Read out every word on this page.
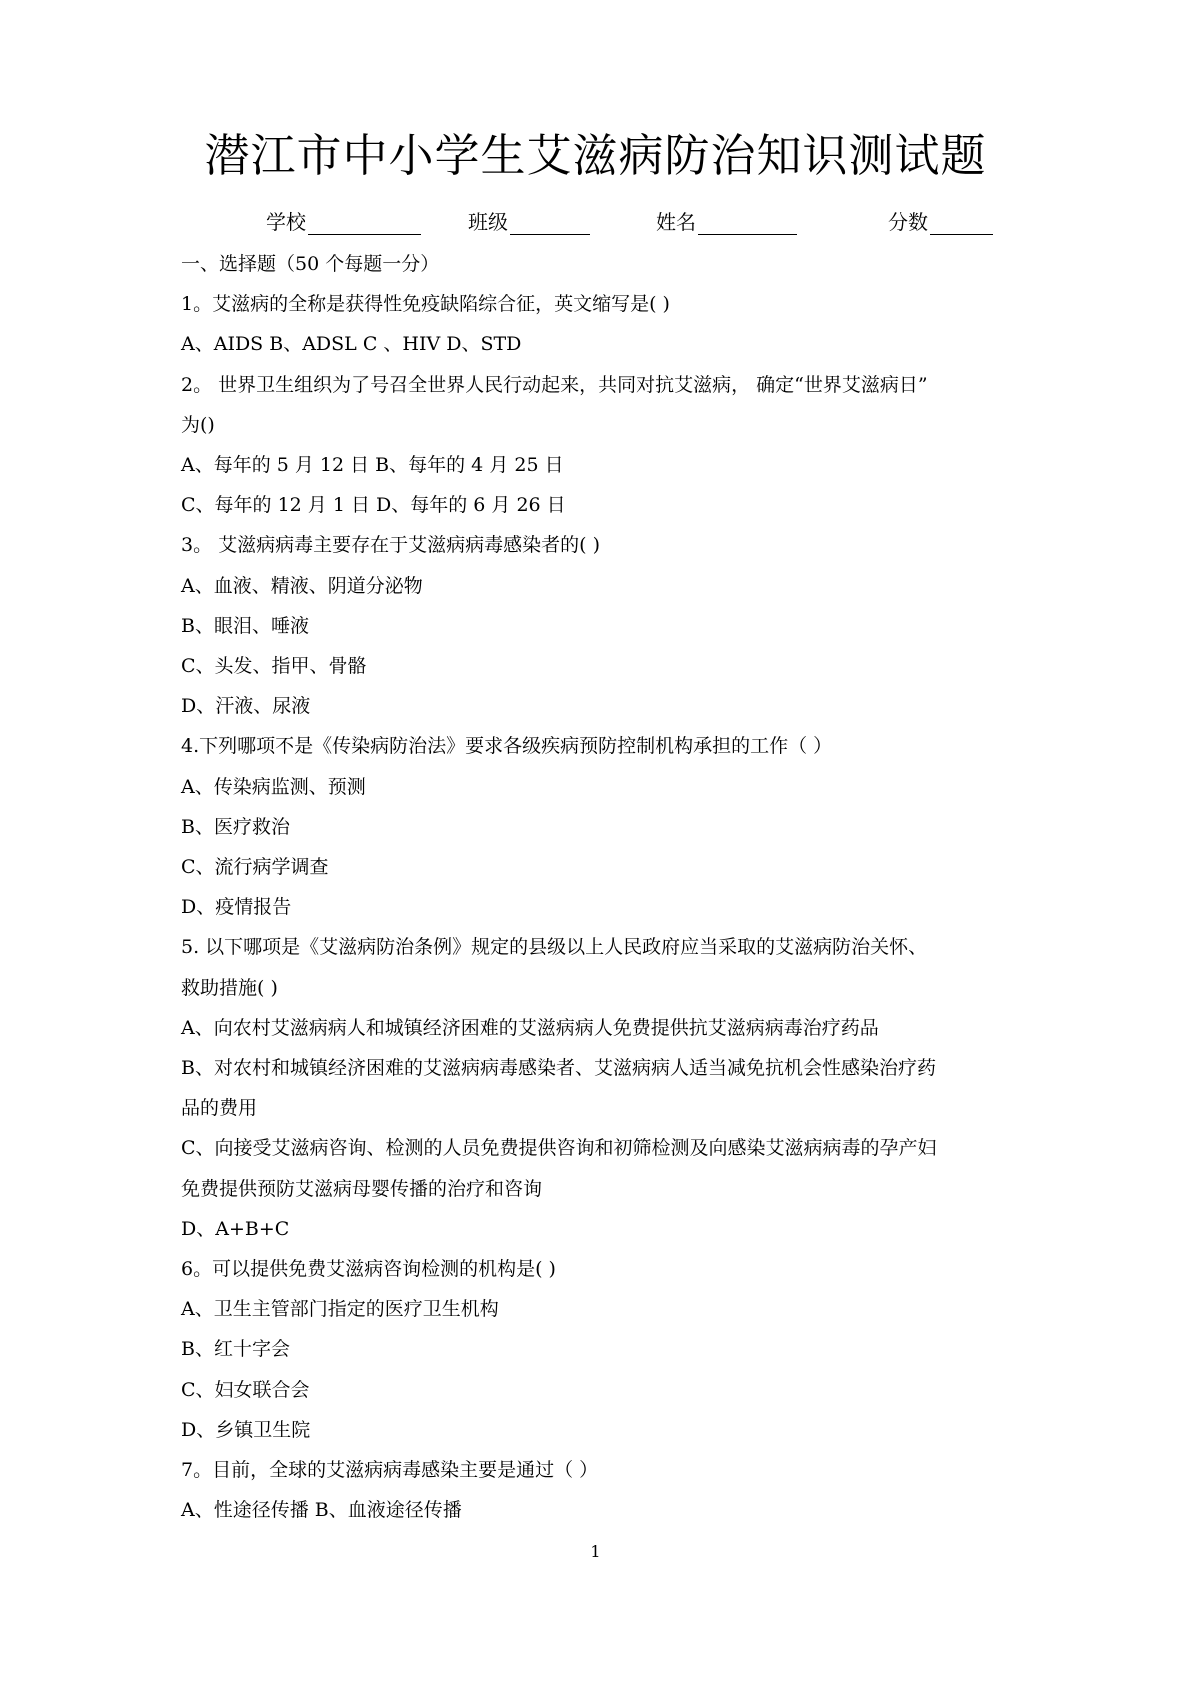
潜江市中小学生艾滋病防治知识测试题
学校	班级	姓名	分数
一、选择题（50 个每题一分）
1。艾滋病的全称是获得性免疫缺陷综合征，英文缩写是( )
A、AIDS B、ADSL C 、HIV D、STD
2。 世界卫生组织为了号召全世界人民行动起来，共同对抗艾滋病， 确定“世界艾滋病日”
为()
A、每年的 5 月 12 日 B、每年的 4 月 25 日
C、每年的 12 月 1 日 D、每年的 6 月 26 日
3。 艾滋病病毒主要存在于艾滋病病毒感染者的( )
A、血液、精液、阴道分泌物
B、眼泪、唾液
C、头发、指甲、骨骼
D、汗液、尿液
4.下列哪项不是《传染病防治法》要求各级疾病预防控制机构承担的工作（ ）
A、传染病监测、预测
B、医疗救治
C、流行病学调查
D、疫情报告
5. 以下哪项是《艾滋病防治条例》规定的县级以上人民政府应当采取的艾滋病防治关怀、
救助措施( )
A、向农村艾滋病病人和城镇经济困难的艾滋病病人免费提供抗艾滋病病毒治疗药品
B、对农村和城镇经济困难的艾滋病病毒感染者、艾滋病病人适当减免抗机会性感染治疗药
品的费用
C、向接受艾滋病咨询、检测的人员免费提供咨询和初筛检测及向感染艾滋病病毒的孕产妇
免费提供预防艾滋病母婴传播的治疗和咨询
D、A+B+C
6。可以提供免费艾滋病咨询检测的机构是( )
A、卫生主管部门指定的医疗卫生机构
B、红十字会
C、妇女联合会
D、乡镇卫生院
7。目前，全球的艾滋病病毒感染主要是通过（ ）
A、性途径传播 B、血液途径传播
1
